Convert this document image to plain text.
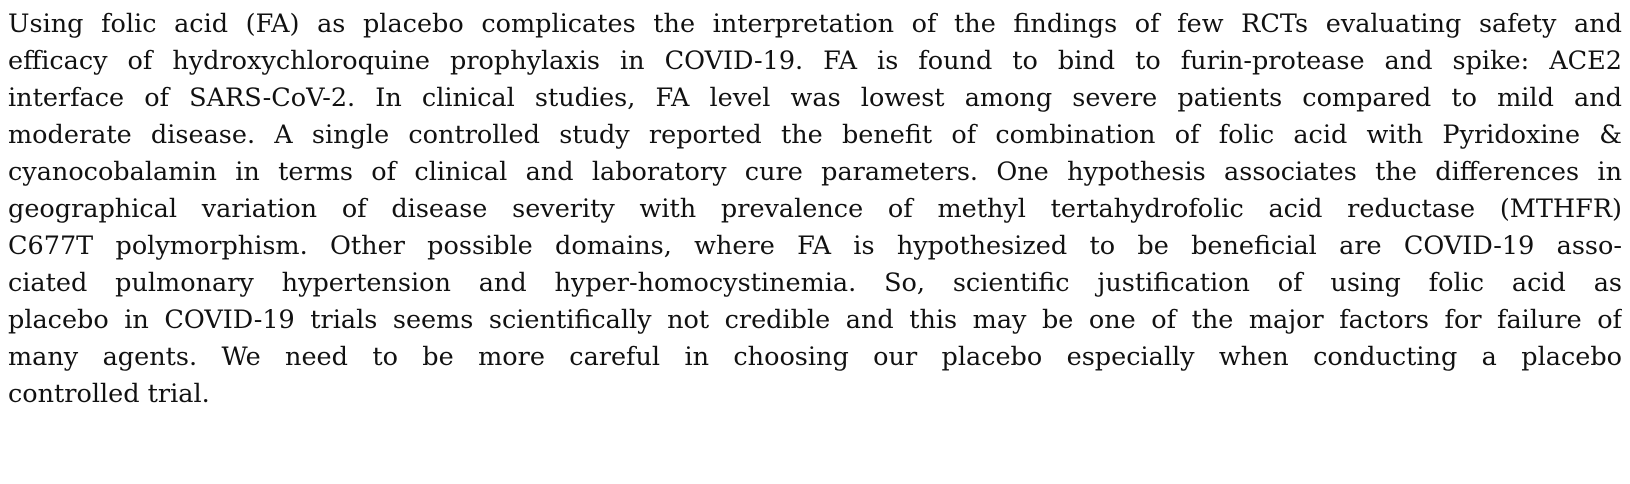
Using folic acid (FA) as placebo complicates the interpretation of the findings of few RCTs evaluating safety and
efficacy of hydroxychloroquine prophylaxis in COVID-19. FA is found to bind to furin-protease and spike: ACE2
interface of SARS-CoV-2. In clinical studies, FA level was lowest among severe patients compared to mild and
moderate disease. A single controlled study reported the benefit of combination of folic acid with Pyridoxine &
cyanocobalamin in terms of clinical and laboratory cure parameters. One hypothesis associates the differences in
geographical variation of disease severity with prevalence of methyl tertahydrofolic acid reductase (MTHFR)
C677T polymorphism. Other possible domains, where FA is hypothesized to be beneficial are COVID-19 asso-
ciated pulmonary hypertension and hyper-homocystinemia. So, scientific justification of using folic acid as
placebo in COVID-19 trials seems scientifically not credible and this may be one of the major factors for failure of
many agents. We need to be more careful in choosing our placebo especially when conducting a placebo
controlled trial.
